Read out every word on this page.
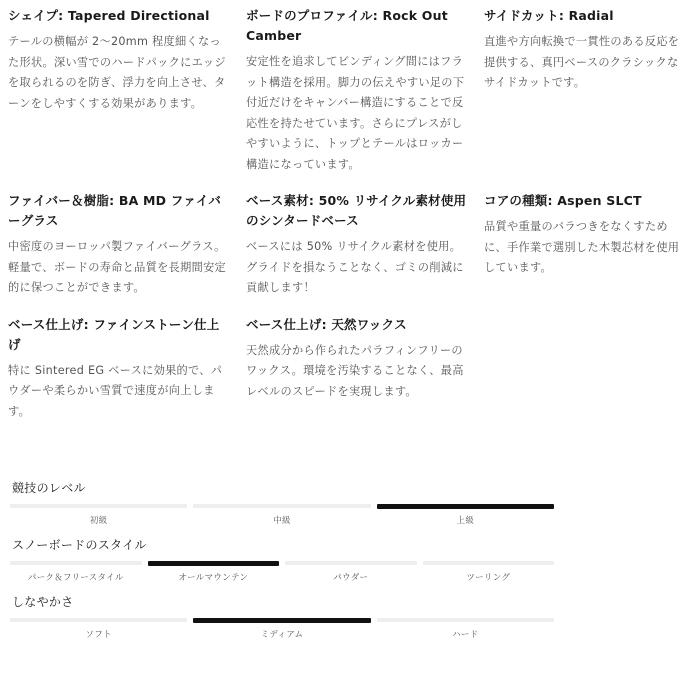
シェイプ: Tapered Directional

テールの横幅が 2〜20mm 程度細くなった形状。深い雪でのハードパックにエッジを取られるのを防ぎ、浮力を向上させ、ターンをしやすくする効果があります。

ボードのプロファイル: Rock Out Camber

安定性を追求してビンディング間にはフラット構造を採用。脚力の伝えやすい足の下付近だけをキャンバー構造にすることで反応性を持たせています。さらにプレスがしやすいように、トップとテールはロッカー構造になっています。

サイドカット: Radial

直進や方向転換で一貫性のある反応を提供する、真円ベースのクラシックなサイドカットです。

ファイバー＆樹脂: BA MD ファイバーグラス

中密度のヨーロッパ製ファイバーグラス。軽量で、ボードの寿命と品質を長期間安定的に保つことができます。

ベース素材: 50% リサイクル素材使用のシンタードベース

ベースには 50% リサイクル素材を使用。グライドを損なうことなく、ゴミの削減に貢献します！

コアの種類: Aspen SLCT

品質や重量のバラつきをなくすために、手作業で選別した木製芯材を使用しています。

ベース仕上げ: ファインストーン仕上げ

特に Sintered EG ベースに効果的で、パウダーや柔らかい雪質で速度が向上します。

ベース仕上げ: 天然ワックス

天然成分から作られたパラフィンフリーのワックス。環境を汚染することなく、最高レベルのスピードを実現します。

競技のレベル

初級	中級	上級

スノーボードのスタイル

パーク＆フリースタイル	オールマウンテン	パウダー	ツーリング

しなやかさ

ソフト	ミディアム	ハード
